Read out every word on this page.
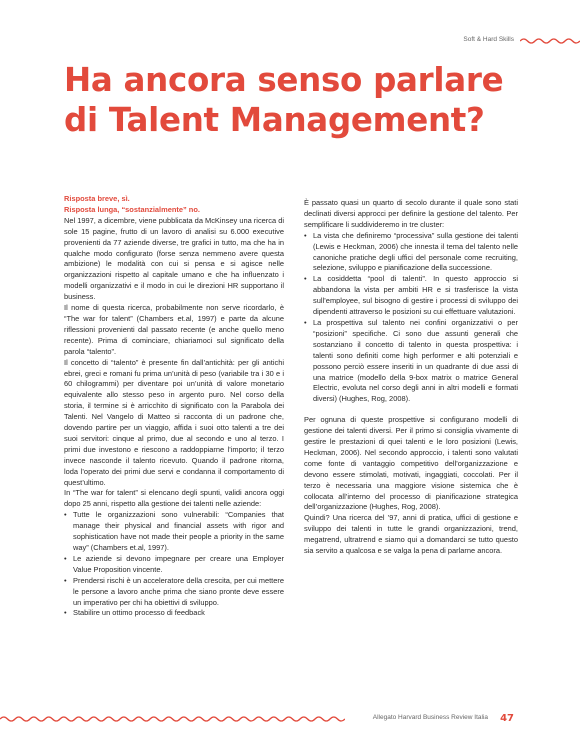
Soft & Hard Skills
Ha ancora senso parlare di Talent Management?

Risposta breve, sì.

Risposta lunga, “sostanzialmente” no.

Nel 1997, a dicembre, viene pubblicata da McKinsey una ricerca di sole 15 pagine, frutto di un lavoro di analisi su 6.000 executive provenienti da 77 aziende diverse, tre grafici in tutto, ma che ha in qualche modo configurato (forse senza nemmeno avere questa ambizione) le modalità con cui si pensa e si agisce nelle organizzazioni rispetto al capitale umano e che ha influenzato i modelli organizzativi e il modo in cui le direzioni HR supportano il business.

Il nome di questa ricerca, probabilmente non serve ricordarlo, è “The war for talent” (Chambers et.al, 1997) e parte da alcune riflessioni provenienti dal passato recente (e anche quello meno recente). Prima di cominciare, chiariamoci sul significato della parola “talento”.

Il concetto di “talento” è presente fin dall’antichità: per gli antichi ebrei, greci e romani fu prima un’unità di peso (variabile tra i 30 e i 60 chilogrammi) per diventare poi un’unità di valore monetario equivalente allo stesso peso in argento puro. Nel corso della storia, il termine si è arricchito di significato con la Parabola dei Talenti. Nel Vangelo di Matteo si racconta di un padrone che, dovendo partire per un viaggio, affida i suoi otto talenti a tre dei suoi servitori: cinque al primo, due al secondo e uno al terzo. I primi due investono e riescono a raddoppiarne l’importo; il terzo invece nasconde il talento ricevuto. Quando il padrone ritorna, loda l’operato dei primi due servi e condanna il comportamento di quest’ultimo.

In “The war for talent” si elencano degli spunti, validi ancora oggi dopo 25 anni, rispetto alla gestione dei talenti nelle aziende:

• Tutte le organizzazioni sono vulnerabili: “Companies that manage their physical and financial assets with rigor and sophistication have not made their people a priority in the same way” (Chambers et.al, 1997).
• Le aziende si devono impegnare per creare una Employer Value Proposition vincente.
• Prendersi rischi è un acceleratore della crescita, per cui mettere le persone a lavoro anche prima che siano pronte deve essere un imperativo per chi ha obiettivi di sviluppo.
• Stabilire un ottimo processo di feedback

È passato quasi un quarto di secolo durante il quale sono stati declinati diversi approcci per definire la gestione del talento. Per semplificare li suddivideremo in tre cluster:

• La vista che definiremo “processiva” sulla gestione dei talenti (Lewis e Heckman, 2006) che innesta il tema del talento nelle canoniche pratiche degli uffici del personale come recruiting, selezione, sviluppo e pianificazione della successione.
• La cosiddetta “pool di talenti”. In questo approccio si abbandona la vista per ambiti HR e si trasferisce la vista sull’employee, sul bisogno di gestire i processi di sviluppo dei dipendenti attraverso le posizioni su cui effettuare valutazioni.
• La prospettiva sul talento nei confini organizzativi o per “posizioni” specifiche. Ci sono due assunti generali che sostanziano il concetto di talento in questa prospettiva: i talenti sono definiti come high performer e alti potenziali e possono perciò essere inseriti in un quadrante di due assi di una matrice (modello della 9-box matrix o matrice General Electric, evoluta nel corso degli anni in altri modelli e formati diversi) (Hughes, Rog, 2008).

Per ognuna di queste prospettive si configurano modelli di gestione dei talenti diversi. Per il primo si consiglia vivamente di gestire le prestazioni di quei talenti e le loro posizioni (Lewis, Heckman, 2006). Nel secondo approccio, i talenti sono valutati come fonte di vantaggio competitivo dell’organizzazione e devono essere stimolati, motivati, ingaggiati, coccolati. Per il terzo è necessaria una maggiore visione sistemica che è collocata all’interno del processo di pianificazione strategica dell’organizzazione (Hughes, Rog, 2008).

Quindi? Una ricerca del ’97, anni di pratica, uffici di gestione e sviluppo dei talenti in tutte le grandi organizzazioni, trend, megatrend, ultratrend e siamo qui a domandarci se tutto questo sia servito a qualcosa e se valga la pena di parlarne ancora.

Allegato Harvard Business Review Italia 47
